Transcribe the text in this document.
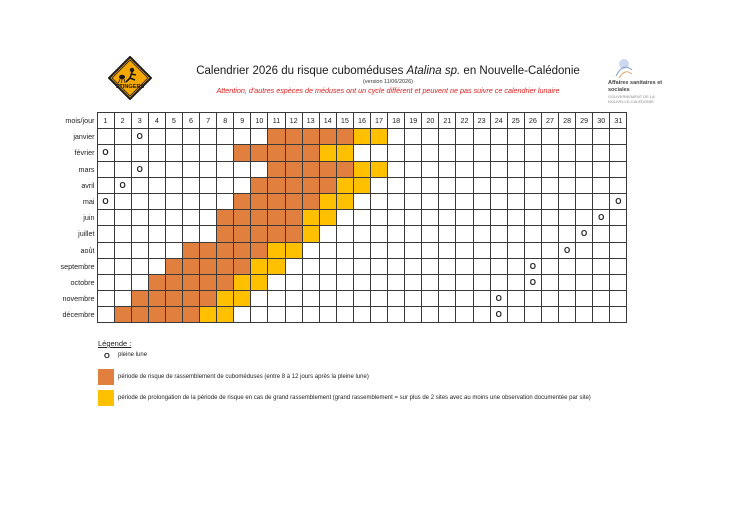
STINGERS
Calendrier 2026 du risque cuboméduses Atalina sp. en Nouvelle-Calédonie
(version 11/06/2026)
Attention, d'autres espèces de méduses ont un cycle différent et peuvent ne pas suivre ce calendrier lunaire
Affaires sanitaires et sociales
GOUVERNEMENT DE LA NOUVELLE-CALÉDONIE
mois/jour	1	2	3	4	5	6	7	8	9	10	11	12	13	14	15	16	17	18	19	20	21	22	23	24	25	26	27	28	29	30	31
janvier			O																												
février	O																														
mars			O																												
avril		O																													
mai	O																														O
juin																														O	
juillet																													O		
août																												O			
septembre																										O					
octobre																										O					
novembre																								O							
décembre																								O							
Légende :
O pleine lune
période de risque de rassemblement de cuboméduses (entre 8 à 12 jours après la pleine lune)
période de prolongation de la période de risque en cas de grand rassemblement (grand rassemblement = sur plus de 2 sites avec au moins une observation documentée par site)
